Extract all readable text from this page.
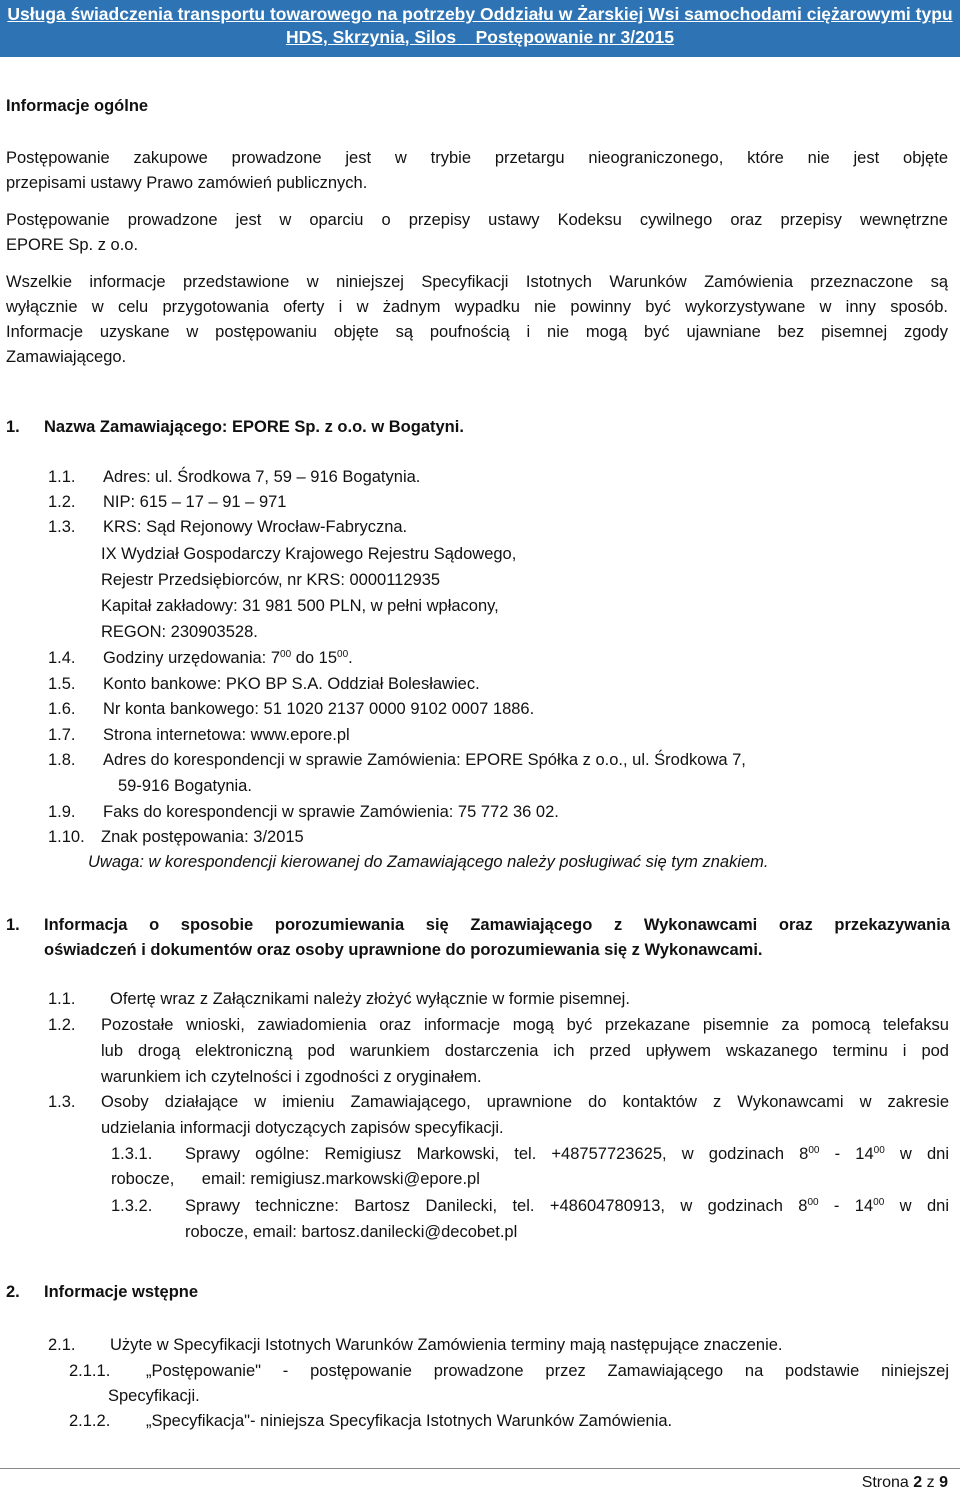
Usługa świadczenia transportu towarowego na potrzeby Oddziału w Żarskiej Wsi samochodami ciężarowymi typu
HDS, Skrzynia, Silos Postępowanie nr 3/2015
Informacje ogólne
Postępowanie zakupowe prowadzone jest w trybie przetargu nieograniczonego, które nie jest objęte
przepisami ustawy Prawo zamówień publicznych.
Postępowanie prowadzone jest w oparciu o przepisy ustawy Kodeksu cywilnego oraz przepisy wewnętrzne
EPORE Sp. z o.o.
Wszelkie informacje przedstawione w niniejszej Specyfikacji Istotnych Warunków Zamówienia przeznaczone są
wyłącznie w celu przygotowania oferty i w żadnym wypadku nie powinny być wykorzystywane w inny sposób.
Informacje uzyskane w postępowaniu objęte są poufnością i nie mogą być ujawniane bez pisemnej zgody
Zamawiającego.
1. Nazwa Zamawiającego: EPORE Sp. z o.o. w Bogatyni.
1.1. Adres: ul. Środkowa 7, 59 – 916 Bogatynia.
1.2. NIP: 615 – 17 – 91 – 971
1.3. KRS: Sąd Rejonowy Wrocław-Fabryczna.
IX Wydział Gospodarczy Krajowego Rejestru Sądowego,
Rejestr Przedsiębiorców, nr KRS: 0000112935
Kapitał zakładowy: 31 981 500 PLN, w pełni wpłacony,
REGON: 230903528.
1.4. Godziny urzędowania: $7^{00}$ do $15^{00}$.
1.5. Konto bankowe: PKO BP S.A. Oddział Bolesławiec.
1.6. Nr konta bankowego: 51 1020 2137 0000 9102 0007 1886.
1.7. Strona internetowa: www.epore.pl
1.8. Adres do korespondencji w sprawie Zamówienia: EPORE Spółka z o.o., ul. Środkowa 7,
59-916 Bogatynia.
1.9. Faks do korespondencji w sprawie Zamówienia: 75 772 36 02.
1.10. Znak postępowania: 3/2015
Uwaga: w korespondencji kierowanej do Zamawiającego należy posługiwać się tym znakiem.
1. Informacja o sposobie porozumiewania się Zamawiającego z Wykonawcami oraz przekazywania
oświadczeń i dokumentów oraz osoby uprawnione do porozumiewania się z Wykonawcami.
1.1. Ofertę wraz z Załącznikami należy złożyć wyłącznie w formie pisemnej.
1.2. Pozostałe wnioski, zawiadomienia oraz informacje mogą być przekazane pisemnie za pomocą telefaksu
lub drogą elektroniczną pod warunkiem dostarczenia ich przed upływem wskazanego terminu i pod
warunkiem ich czytelności i zgodności z oryginałem.
1.3. Osoby działające w imieniu Zamawiającego, uprawnione do kontaktów z Wykonawcami w zakresie
udzielania informacji dotyczących zapisów specyfikacji.
1.3.1. Sprawy ogólne: Remigiusz Markowski, tel. +48757723625, w godzinach $8^{00} - 14^{00}$ w dni
robocze,      email: remigiusz.markowski@epore.pl
1.3.2. Sprawy techniczne: Bartosz Danilecki, tel. +48604780913, w godzinach $8^{00} - 14^{00}$ w dni
robocze, email: bartosz.danilecki@decobet.pl
2. Informacje wstępne
2.1. Użyte w Specyfikacji Istotnych Warunków Zamówienia terminy mają następujące znaczenie.
2.1.1. „Postępowanie" - postępowanie prowadzone przez Zamawiającego na podstawie niniejszej
Specyfikacji.
2.1.2. „Specyfikacja"- niniejsza Specyfikacja Istotnych Warunków Zamówienia.
Strona 2 z 9
